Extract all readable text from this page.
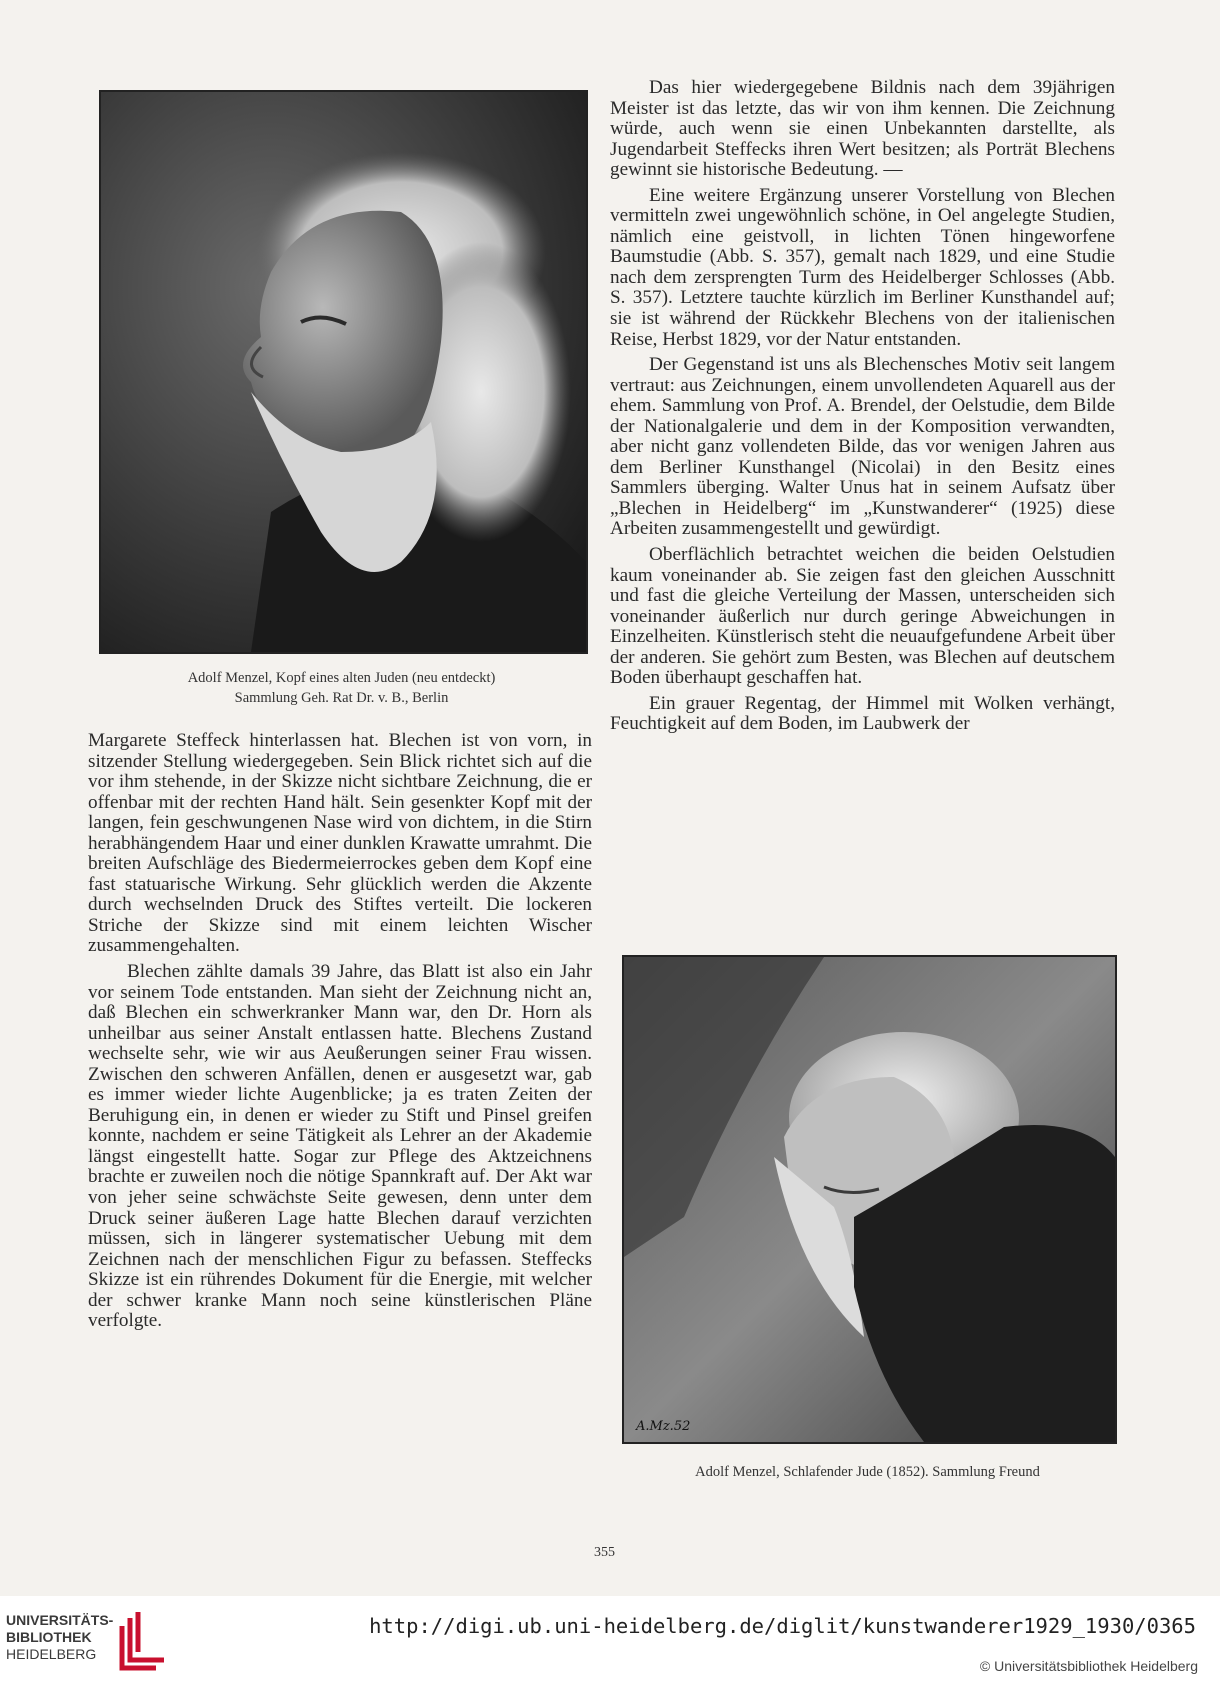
Adolf Menzel, Kopf eines alten Juden (neu entdeckt)
Sammlung Geh. Rat Dr. v. B., Berlin

Das hier wiedergegebene Bildnis nach dem 39jährigen Meister ist das letzte, das wir von ihm kennen. Die Zeichnung würde, auch wenn sie einen Unbekannten darstellte, als Jugendarbeit Steffecks ihren Wert besitzen; als Porträt Blechens gewinnt sie historische Bedeutung. —

Eine weitere Ergänzung unserer Vorstellung von Blechen vermitteln zwei ungewöhnlich schöne, in Oel angelegte Studien, nämlich eine geistvoll, in lichten Tönen hingeworfene Baumstudie (Abb. S. 357), gemalt nach 1829, und eine Studie nach dem zersprengten Turm des Heidelberger Schlosses (Abb. S. 357). Letztere tauchte kürzlich im Berliner Kunsthandel auf; sie ist während der Rückkehr Blechens von der italienischen Reise, Herbst 1829, vor der Natur entstanden.

Der Gegenstand ist uns als Blechensches Motiv seit langem vertraut: aus Zeichnungen, einem unvollendeten Aquarell aus der ehem. Sammlung von Prof. A. Brendel, der Oelstudie, dem Bilde der Nationalgalerie und dem in der Komposition verwandten, aber nicht ganz vollendeten Bilde, das vor wenigen Jahren aus dem Berliner Kunsthangel (Nicolai) in den Besitz eines Sammlers überging. Walter Unus hat in seinem Aufsatz über „Blechen in Heidelberg“ im „Kunstwanderer“ (1925) diese Arbeiten zusammengestellt und gewürdigt.

Oberflächlich betrachtet weichen die beiden Oelstudien kaum voneinander ab. Sie zeigen fast den gleichen Ausschnitt und fast die gleiche Verteilung der Massen, unterscheiden sich voneinander äußerlich nur durch geringe Abweichungen in Einzelheiten. Künstlerisch steht die neuaufgefundene Arbeit über der anderen. Sie gehört zum Besten, was Blechen auf deutschem Boden überhaupt geschaffen hat.

Ein grauer Regentag, der Himmel mit Wolken verhängt, Feuchtigkeit auf dem Boden, im Laubwerk der

Margarete Steffeck hinterlassen hat. Blechen ist von vorn, in sitzender Stellung wiedergegeben. Sein Blick richtet sich auf die vor ihm stehende, in der Skizze nicht sichtbare Zeichnung, die er offenbar mit der rechten Hand hält. Sein gesenkter Kopf mit der langen, fein geschwungenen Nase wird von dichtem, in die Stirn herabhängendem Haar und einer dunklen Krawatte umrahmt. Die breiten Aufschläge des Biedermeierrockes geben dem Kopf eine fast statuarische Wirkung. Sehr glücklich werden die Akzente durch wechselnden Druck des Stiftes verteilt. Die lockeren Striche der Skizze sind mit einem leichten Wischer zusammengehalten.

Blechen zählte damals 39 Jahre, das Blatt ist also ein Jahr vor seinem Tode entstanden. Man sieht der Zeichnung nicht an, daß Blechen ein schwerkranker Mann war, den Dr. Horn als unheilbar aus seiner Anstalt entlassen hatte. Blechens Zustand wechselte sehr, wie wir aus Aeußerungen seiner Frau wissen. Zwischen den schweren Anfällen, denen er ausgesetzt war, gab es immer wieder lichte Augenblicke; ja es traten Zeiten der Beruhigung ein, in denen er wieder zu Stift und Pinsel greifen konnte, nachdem er seine Tätigkeit als Lehrer an der Akademie längst eingestellt hatte. Sogar zur Pflege des Aktzeichnens brachte er zuweilen noch die nötige Spannkraft auf. Der Akt war von jeher seine schwächste Seite gewesen, denn unter dem Druck seiner äußeren Lage hatte Blechen darauf verzichten müssen, sich in längerer systematischer Uebung mit dem Zeichnen nach der menschlichen Figur zu befassen. Steffecks Skizze ist ein rührendes Dokument für die Energie, mit welcher der schwer kranke Mann noch seine künstlerischen Pläne verfolgte.

A.Mz.52

Adolf Menzel, Schlafender Jude (1852). Sammlung Freund

355

UNIVERSITÄTS-
BIBLIOTHEK
HEIDELBERG

http://digi.ub.uni-heidelberg.de/diglit/kunstwanderer1929_1930/0365
© Universitätsbibliothek Heidelberg
